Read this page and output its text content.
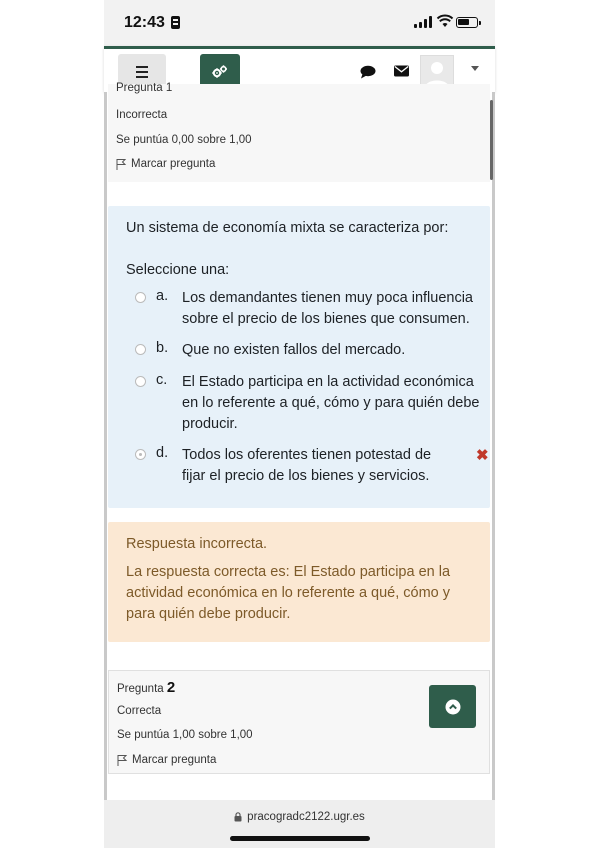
12:43
Pregunta 1
Incorrecta
Se puntúa 0,00 sobre 1,00
Marcar pregunta
Un sistema de economía mixta se caracteriza por:
Seleccione una:
a. Los demandantes tienen muy poca influencia sobre el precio de los bienes que consumen.
b. Que no existen fallos del mercado.
c. El Estado participa en la actividad económica en lo referente a qué, cómo y para quién debe producir.
d. Todos los oferentes tienen potestad de fijar el precio de los bienes y servicios.
✖
Respuesta incorrecta.
La respuesta correcta es: El Estado participa en la actividad económica en lo referente a qué, cómo y para quién debe producir.
Pregunta 2
Correcta
Se puntúa 1,00 sobre 1,00
Marcar pregunta
pracogradc2122.ugr.es
